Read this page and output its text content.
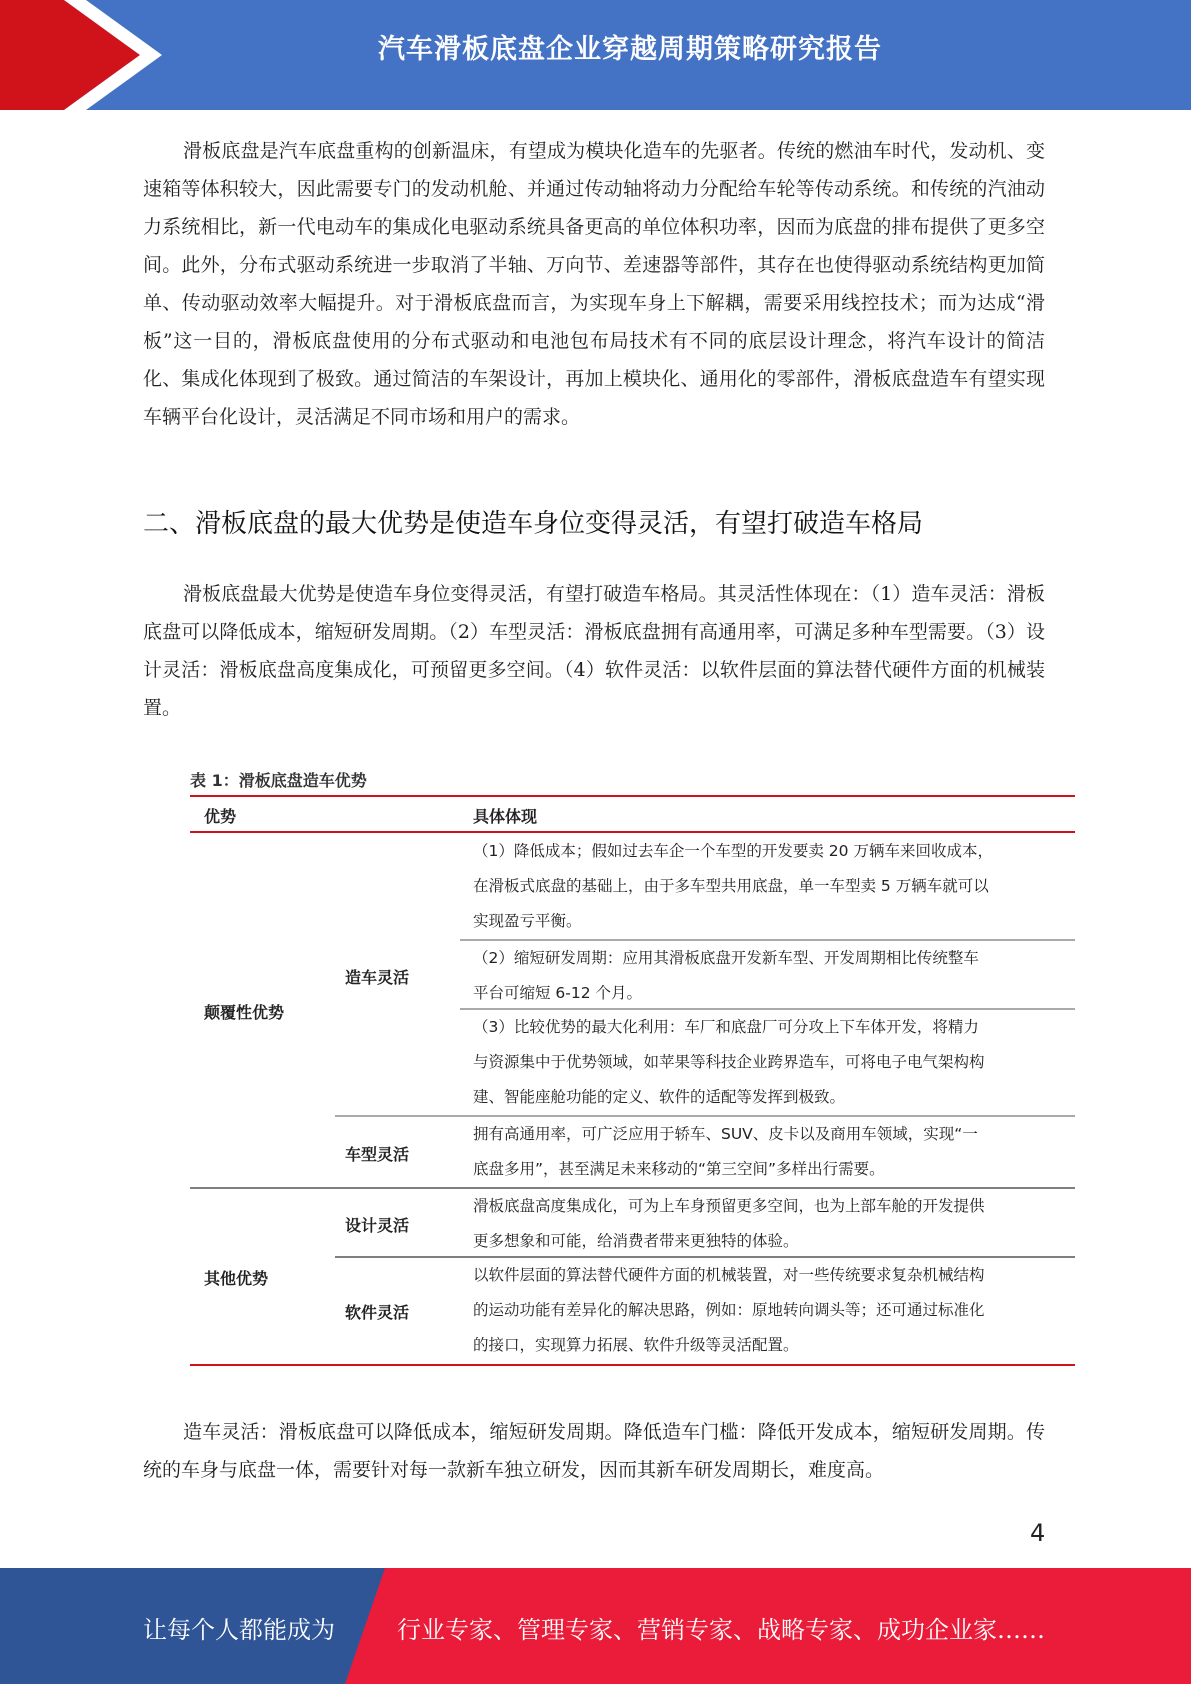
汽车滑板底盘企业穿越周期策略研究报告

滑板底盘是汽车底盘重构的创新温床，有望成为模块化造车的先驱者。传统的燃油车时代，发动机、变速箱等体积较大，因此需要专门的发动机舱、并通过传动轴将动力分配给车轮等传动系统。和传统的汽油动力系统相比，新一代电动车的集成化电驱动系统具备更高的单位体积功率，因而为底盘的排布提供了更多空间。此外，分布式驱动系统进一步取消了半轴、万向节、差速器等部件，其存在也使得驱动系统结构更加简单、传动驱动效率大幅提升。对于滑板底盘而言，为实现车身上下解耦，需要采用线控技术；而为达成“滑板”这一目的，滑板底盘使用的分布式驱动和电池包布局技术有不同的底层设计理念，将汽车设计的简洁化、集成化体现到了极致。通过简洁的车架设计，再加上模块化、通用化的零部件，滑板底盘造车有望实现车辆平台化设计，灵活满足不同市场和用户的需求。

二、滑板底盘的最大优势是使造车身位变得灵活，有望打破造车格局

滑板底盘最大优势是使造车身位变得灵活，有望打破造车格局。其灵活性体现在：（1）造车灵活：滑板底盘可以降低成本，缩短研发周期。（2）车型灵活：滑板底盘拥有高通用率，可满足多种车型需要。（3）设计灵活：滑板底盘高度集成化，可预留更多空间。（4）软件灵活：以软件层面的算法替代硬件方面的机械装置。

表 1：滑板底盘造车优势
优势	具体体现
颠覆性优势
其他优势
造车灵活
车型灵活
设计灵活
软件灵活
（1）降低成本；假如过去车企一个车型的开发要卖 20 万辆车来回收成本，
在滑板式底盘的基础上，由于多车型共用底盘，单一车型卖 5 万辆车就可以
实现盈亏平衡。
（2）缩短研发周期：应用其滑板底盘开发新车型、开发周期相比传统整车
平台可缩短 6-12 个月。
（3）比较优势的最大化利用：车厂和底盘厂可分攻上下车体开发，将精力
与资源集中于优势领域，如苹果等科技企业跨界造车，可将电子电气架构构
建、智能座舱功能的定义、软件的适配等发挥到极致。
拥有高通用率，可广泛应用于轿车、SUV、皮卡以及商用车领域，实现“一
底盘多用”，甚至满足未来移动的“第三空间”多样出行需要。
滑板底盘高度集成化，可为上车身预留更多空间，也为上部车舱的开发提供
更多想象和可能，给消费者带来更独特的体验。
以软件层面的算法替代硬件方面的机械装置，对一些传统要求复杂机械结构
的运动功能有差异化的解决思路，例如：原地转向调头等；还可通过标准化
的接口，实现算力拓展、软件升级等灵活配置。

造车灵活：滑板底盘可以降低成本，缩短研发周期。降低造车门槛：降低开发成本，缩短研发周期。传统的车身与底盘一体，需要针对每一款新车独立研发，因而其新车研发周期长，难度高。

4
让每个人都能成为	行业专家、管理专家、营销专家、战略专家、成功企业家……
